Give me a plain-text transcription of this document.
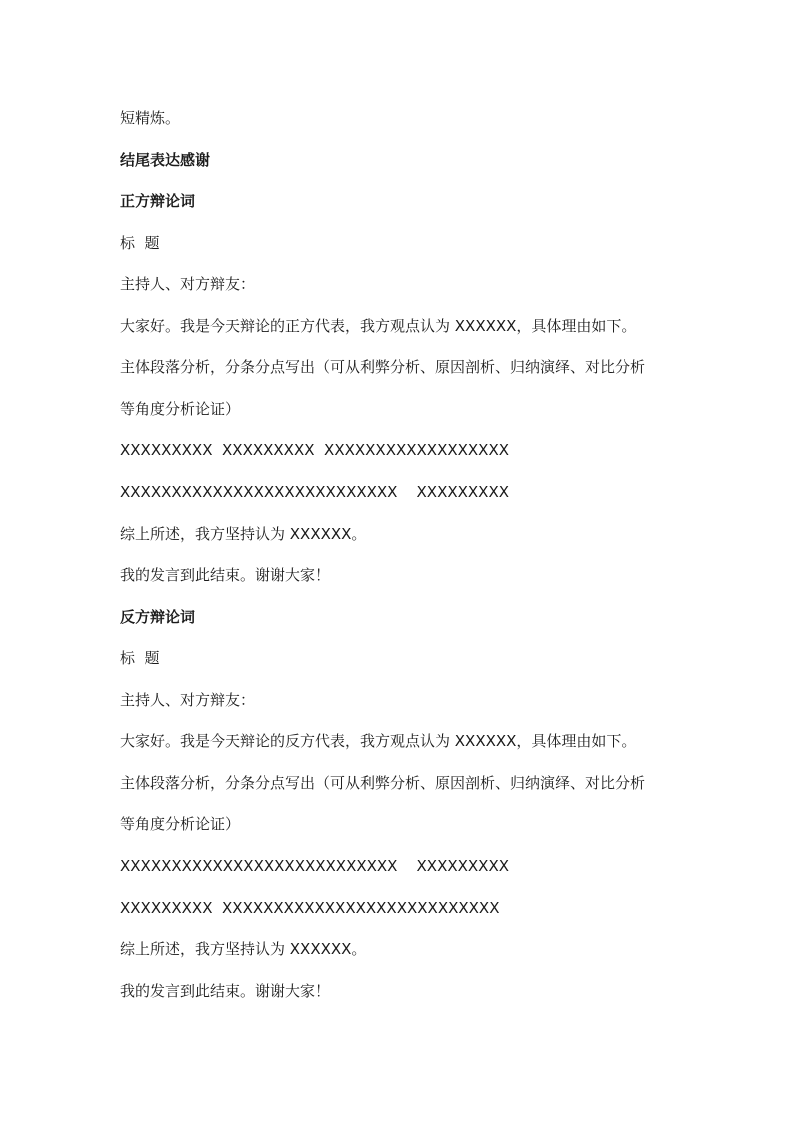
短精炼。
结尾表达感谢
正方辩论词
标  题
主持人、对方辩友：
大家好。我是今天辩论的正方代表，我方观点认为 XXXXXX，具体理由如下。
主体段落分析，分条分点写出（可从利弊分析、原因剖析、归纳演绎、对比分析
等角度分析论证）
XXXXXXXXX  XXXXXXXXX  XXXXXXXXXXXXXXXXXX
XXXXXXXXXXXXXXXXXXXXXXXXXXX    XXXXXXXXX
综上所述，我方坚持认为 XXXXXX。
我的发言到此结束。谢谢大家！
反方辩论词
标  题
主持人、对方辩友：
大家好。我是今天辩论的反方代表，我方观点认为 XXXXXX，具体理由如下。
主体段落分析，分条分点写出（可从利弊分析、原因剖析、归纳演绎、对比分析
等角度分析论证）
XXXXXXXXXXXXXXXXXXXXXXXXXXX    XXXXXXXXX
XXXXXXXXX  XXXXXXXXXXXXXXXXXXXXXXXXXXX
综上所述，我方坚持认为 XXXXXX。
我的发言到此结束。谢谢大家！
